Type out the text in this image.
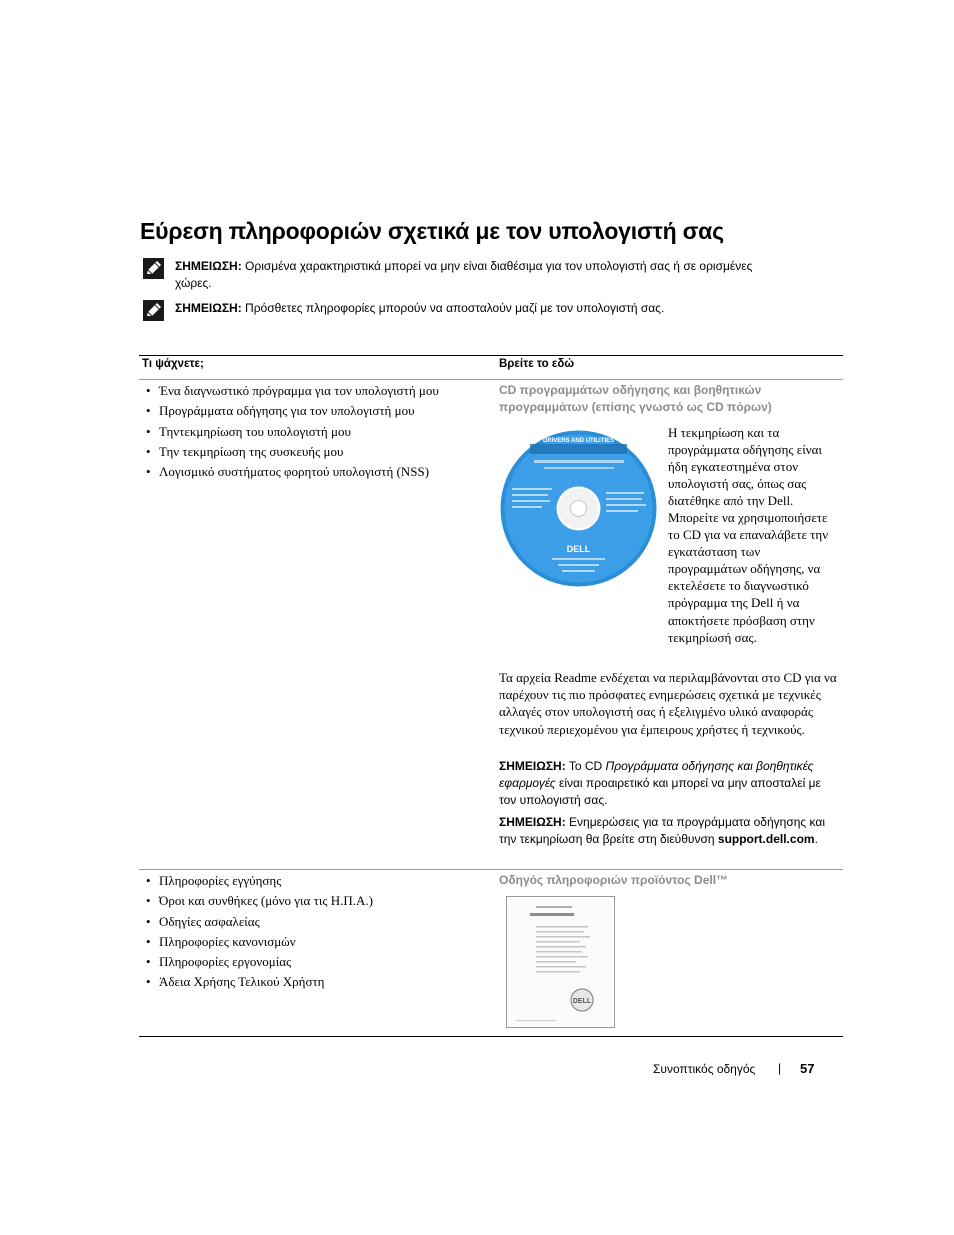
Εύρεση πληροφοριών σχετικά με τον υπολογιστή σας
ΣΗΜΕΙΩΣΗ: Ορισμένα χαρακτηριστικά μπορεί να μην είναι διαθέσιμα για τον υπολογιστή σας ή σε ορισμένες χώρες.
ΣΗΜΕΙΩΣΗ: Πρόσθετες πληροφορίες μπορούν να αποσταλούν μαζί με τον υπολογιστή σας.
Τι ψάχνετε;	Βρείτε το εδώ
• Ένα διαγνωστικό πρόγραμμα για τον υπολογιστή μου
• Προγράμματα οδήγησης για τον υπολογιστή μου
• Τηντεκμηρίωση του υπολογιστή μου
• Την τεκμηρίωση της συσκευής μου
• Λογισμικό συστήματος φορητού υπολογιστή (NSS)
CD προγραμμάτων οδήγησης και βοηθητικών προγραμμάτων (επίσης γνωστό ως CD πόρων)
DRIVERS AND UTILITIES
DELL
Η τεκμηρίωση και τα προγράμματα οδήγησης είναι ήδη εγκατεστημένα στον υπολογιστή σας, όπως σας διατέθηκε από την Dell. Μπορείτε να χρησιμοποιήσετε το CD για να επαναλάβετε την εγκατάσταση των προγραμμάτων οδήγησης, να εκτελέσετε το διαγνωστικό πρόγραμμα της Dell ή να αποκτήσετε πρόσβαση στην τεκμηρίωσή σας.
Τα αρχεία Readme ενδέχεται να περιλαμβάνονται στο CD για να παρέχουν τις πιο πρόσφατες ενημερώσεις σχετικά με τεχνικές αλλαγές στον υπολογιστή σας ή εξελιγμένο υλικό αναφοράς τεχνικού περιεχομένου για έμπειρους χρήστες ή τεχνικούς.
ΣΗΜΕΙΩΣΗ: Το CD Προγράμματα οδήγησης και βοηθητικές εφαρμογές είναι προαιρετικό και μπορεί να μην αποσταλεί με τον υπολογιστή σας.
ΣΗΜΕΙΩΣΗ: Ενημερώσεις για τα προγράμματα οδήγησης και την τεκμηρίωση θα βρείτε στη διεύθυνση support.dell.com.
• Πληροφορίες εγγύησης
• Όροι και συνθήκες (μόνο για τις Η.Π.Α.)
• Οδηγίες ασφαλείας
• Πληροφορίες κανονισμών
• Πληροφορίες εργονομίας
• Άδεια Χρήσης Τελικού Χρήστη
Οδηγός πληροφοριών προϊόντος Dell™
DELL
Συνοπτικός οδηγός | 57
